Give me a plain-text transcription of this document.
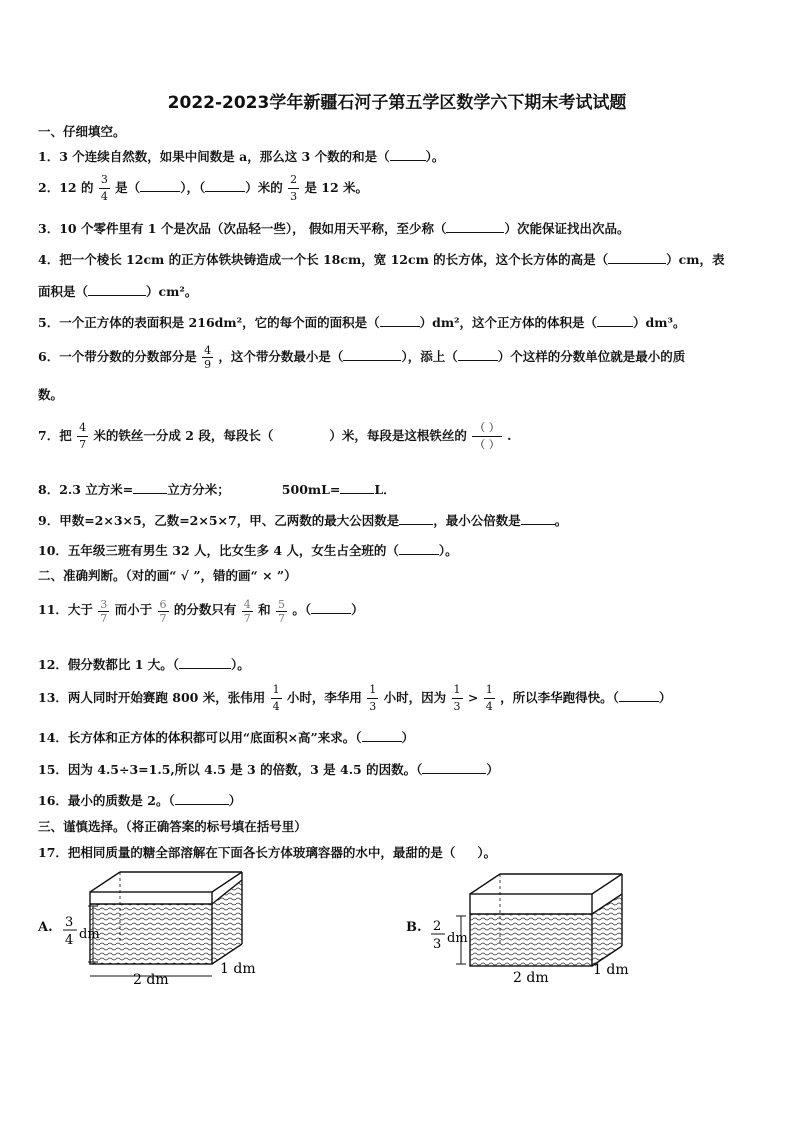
2022-2023学年新疆石河子第五学区数学六下期末考试试题
一、仔细填空。
1．3 个连续自然数，如果中间数是 a，那么这 3 个数的和是（	）。
2．12 的 $\frac{3}{4}$ 是（	），（	）米的 $\frac{2}{3}$ 是 12 米。
3．10 个零件里有 1 个是次品（次品轻一些）， 假如用天平称，至少称（	）次能保证找出次品。
4．把一个棱长 12cm 的正方体铁块铸造成一个长 18cm，宽 12cm 的长方体，这个长方体的高是（	）cm，表
面积是（	）cm²。
5．一个正方体的表面积是 216dm²，它的每个面的面积是（	）dm²，这个正方体的体积是（	）dm³。
6．一个带分数的分数部分是 $\frac{4}{9}$ ，这个带分数最小是（	），添上（	）个这样的分数单位就是最小的质
数。
7．把 $\frac{4}{7}$ 米的铁丝一分成 2 段，每段长（	）米，每段是这根铁丝的 $\frac{( )}{( )}$ .
8．2.3 立方米=	立方分米；	500mL=	L．
9．甲数=2×3×5，乙数=2×5×7，甲、乙两数的最大公因数是	，最小公倍数是	。
10．五年级三班有男生 32 人，比女生多 4 人，女生占全班的（	）。
二、准确判断。（对的画“ √ ”，错的画“ × ”）
11．大于 $\frac{3}{7}$ 而小于 $\frac{6}{7}$ 的分数只有 $\frac{4}{7}$ 和 $\frac{5}{7}$ 。（	）
12．假分数都比 1 大。（	）。
13．两人同时开始赛跑 800 米，张伟用 $\frac{1}{4}$ 小时，李华用 $\frac{1}{3}$ 小时，因为 $\frac{1}{3} > \frac{1}{4}$ ，所以李华跑得快。（	）
14．长方体和正方体的体积都可以用“底面积×高”来求。（	）
15．因为 4.5÷3=1.5,所以 4.5 是 3 的倍数，3 是 4.5 的因数。（	）
16．最小的质数是 2。（	）
三、谨慎选择。（将正确答案的标号填在括号里）
17．把相同质量的糖全部溶解在下面各长方体玻璃容器的水中，最甜的是（ ）。
A. 3
4 dm
2 dm
1 dm
B. 2
3 dm
2 dm	1 dm
